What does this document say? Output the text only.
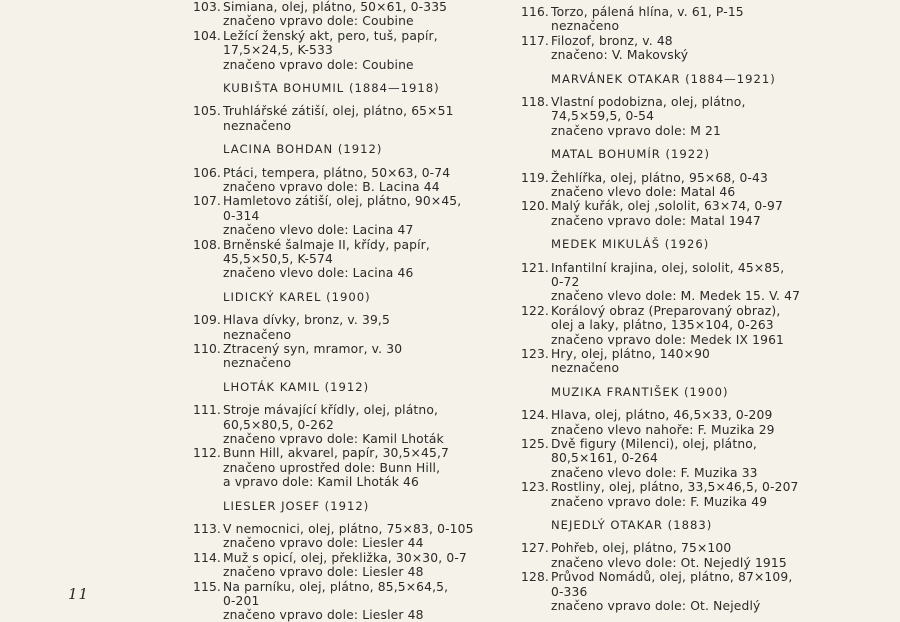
103. Simiana, olej, plátno, 50×61, 0-335
značeno vpravo dole: Coubine
104. Ležící ženský akt, pero, tuš, papír,
17,5×24,5, K-533
značeno vpravo dole: Coubine
KUBIŠTA BOHUMIL (1884—1918)
105. Truhlářské zátiší, olej, plátno, 65×51
neznačeno
LACINA BOHDAN (1912)
106. Ptáci, tempera, plátno, 50×63, 0-74
značeno vpravo dole: B. Lacina 44
107. Hamletovo zátiší, olej, plátno, 90×45,
0-314
značeno vlevo dole: Lacina 47
108. Brněnské šalmaje II, křídy, papír,
45,5×50,5, K-574
značeno vlevo dole: Lacina 46
LIDICKÝ KAREL (1900)
109. Hlava dívky, bronz, v. 39,5
neznačeno
110. Ztracený syn, mramor, v. 30
neznačeno
LHOTÁK KAMIL (1912)
111. Stroje mávající křídly, olej, plátno,
60,5×80,5, 0-262
značeno vpravo dole: Kamil Lhoták
112. Bunn Hill, akvarel, papír, 30,5×45,7
značeno uprostřed dole: Bunn Hill,
a vpravo dole: Kamil Lhoták 46
LIESLER JOSEF (1912)
113. V nemocnici, olej, plátno, 75×83, 0-105
značeno vpravo dole: Liesler 44
114. Muž s opicí, olej, překližka, 30×30, 0-7
značeno vpravo dole: Liesler 48
115. Na parníku, olej, plátno, 85,5×64,5,
0-201
značeno vpravo dole: Liesler 48
116. Torzo, pálená hlína, v. 61, P-15
neznačeno
117. Filozof, bronz, v. 48
značeno: V. Makovský
MARVÁNEK OTAKAR (1884—1921)
118. Vlastní podobizna, olej, plátno,
74,5×59,5, 0-54
značeno vpravo dole: M 21
MATAL BOHUMÍR (1922)
119. Žehlířka, olej, plátno, 95×68, 0-43
značeno vlevo dole: Matal 46
120. Malý kuřák, olej ,sololit, 63×74, 0-97
značeno vpravo dole: Matal 1947
MEDEK MIKULÁŠ (1926)
121. Infantilní krajina, olej, sololit, 45×85,
0-72
značeno vlevo dole: M. Medek 15. V. 47
122. Korálový obraz (Preparovaný obraz),
olej a laky, plátno, 135×104, 0-263
značeno vpravo dole: Medek IX 1961
123. Hry, olej, plátno, 140×90
neznačeno
MUZIKA FRANTIŠEK (1900)
124. Hlava, olej, plátno, 46,5×33, 0-209
značeno vlevo nahoře: F. Muzika 29
125. Dvě figury (Milenci), olej, plátno,
80,5×161, 0-264
značeno vlevo dole: F. Muzika 33
123. Rostliny, olej, plátno, 33,5×46,5, 0-207
značeno vpravo dole: F. Muzika 49
NEJEDLÝ OTAKAR (1883)
127. Pohřeb, olej, plátno, 75×100
značeno vlevo dole: Ot. Nejedlý 1915
128. Průvod Nomádů, olej, plátno, 87×109,
0-336
značeno vpravo dole: Ot. Nejedlý
11
